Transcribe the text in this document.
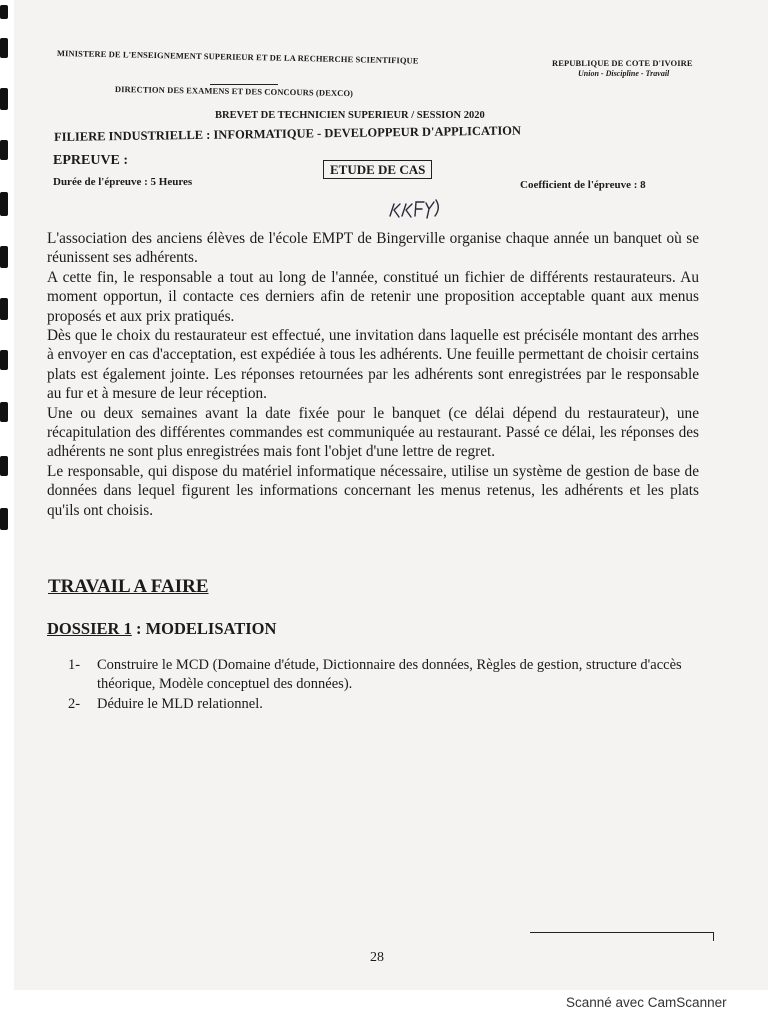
MINISTERE DE L'ENSEIGNEMENT SUPERIEUR ET DE LA RECHERCHE SCIENTIFIQUE
DIRECTION DES EXAMENS ET DES CONCOURS (DEXCO)
REPUBLIQUE DE COTE D'IVOIRE
Union - Discipline - Travail
BREVET DE TECHNICIEN SUPERIEUR / SESSION 2020
FILIERE INDUSTRIELLE : INFORMATIQUE - DEVELOPPEUR D'APPLICATION
EPREUVE :
ETUDE DE CAS
Durée de l'épreuve : 5 Heures	Coefficient de l'épreuve : 8

L'association des anciens élèves de l'école EMPT de Bingerville organise chaque année un banquet où se réunissent ses adhérents.

A cette fin, le responsable a tout au long de l'année, constitué un fichier de différents restaurateurs. Au moment opportun, il contacte ces derniers afin de retenir une proposition acceptable quant aux menus proposés et aux prix pratiqués.

Dès que le choix du restaurateur est effectué, une invitation dans laquelle est préciséle montant des arrhes à envoyer en cas d'acceptation, est expédiée à tous les adhérents. Une feuille permettant de choisir certains plats est également jointe. Les réponses retournées par les adhérents sont enregistrées par le responsable au fur et à mesure de leur réception.

Une ou deux semaines avant la date fixée pour le banquet (ce délai dépend du restaurateur), une récapitulation des différentes commandes est communiquée au restaurant. Passé ce délai, les réponses des adhérents ne sont plus enregistrées mais font l'objet d'une lettre de regret.

Le responsable, qui dispose du matériel informatique nécessaire, utilise un système de gestion de base de données dans lequel figurent les informations concernant les menus retenus, les adhérents et les plats qu'ils ont choisis.

TRAVAIL A FAIRE
DOSSIER 1 : MODELISATION
1-	Construire le MCD (Domaine d'étude, Dictionnaire des données, Règles de gestion, structure d'accès théorique, Modèle conceptuel des données).
2-	Déduire le MLD relationnel.
28
Scanné avec CamScanner
